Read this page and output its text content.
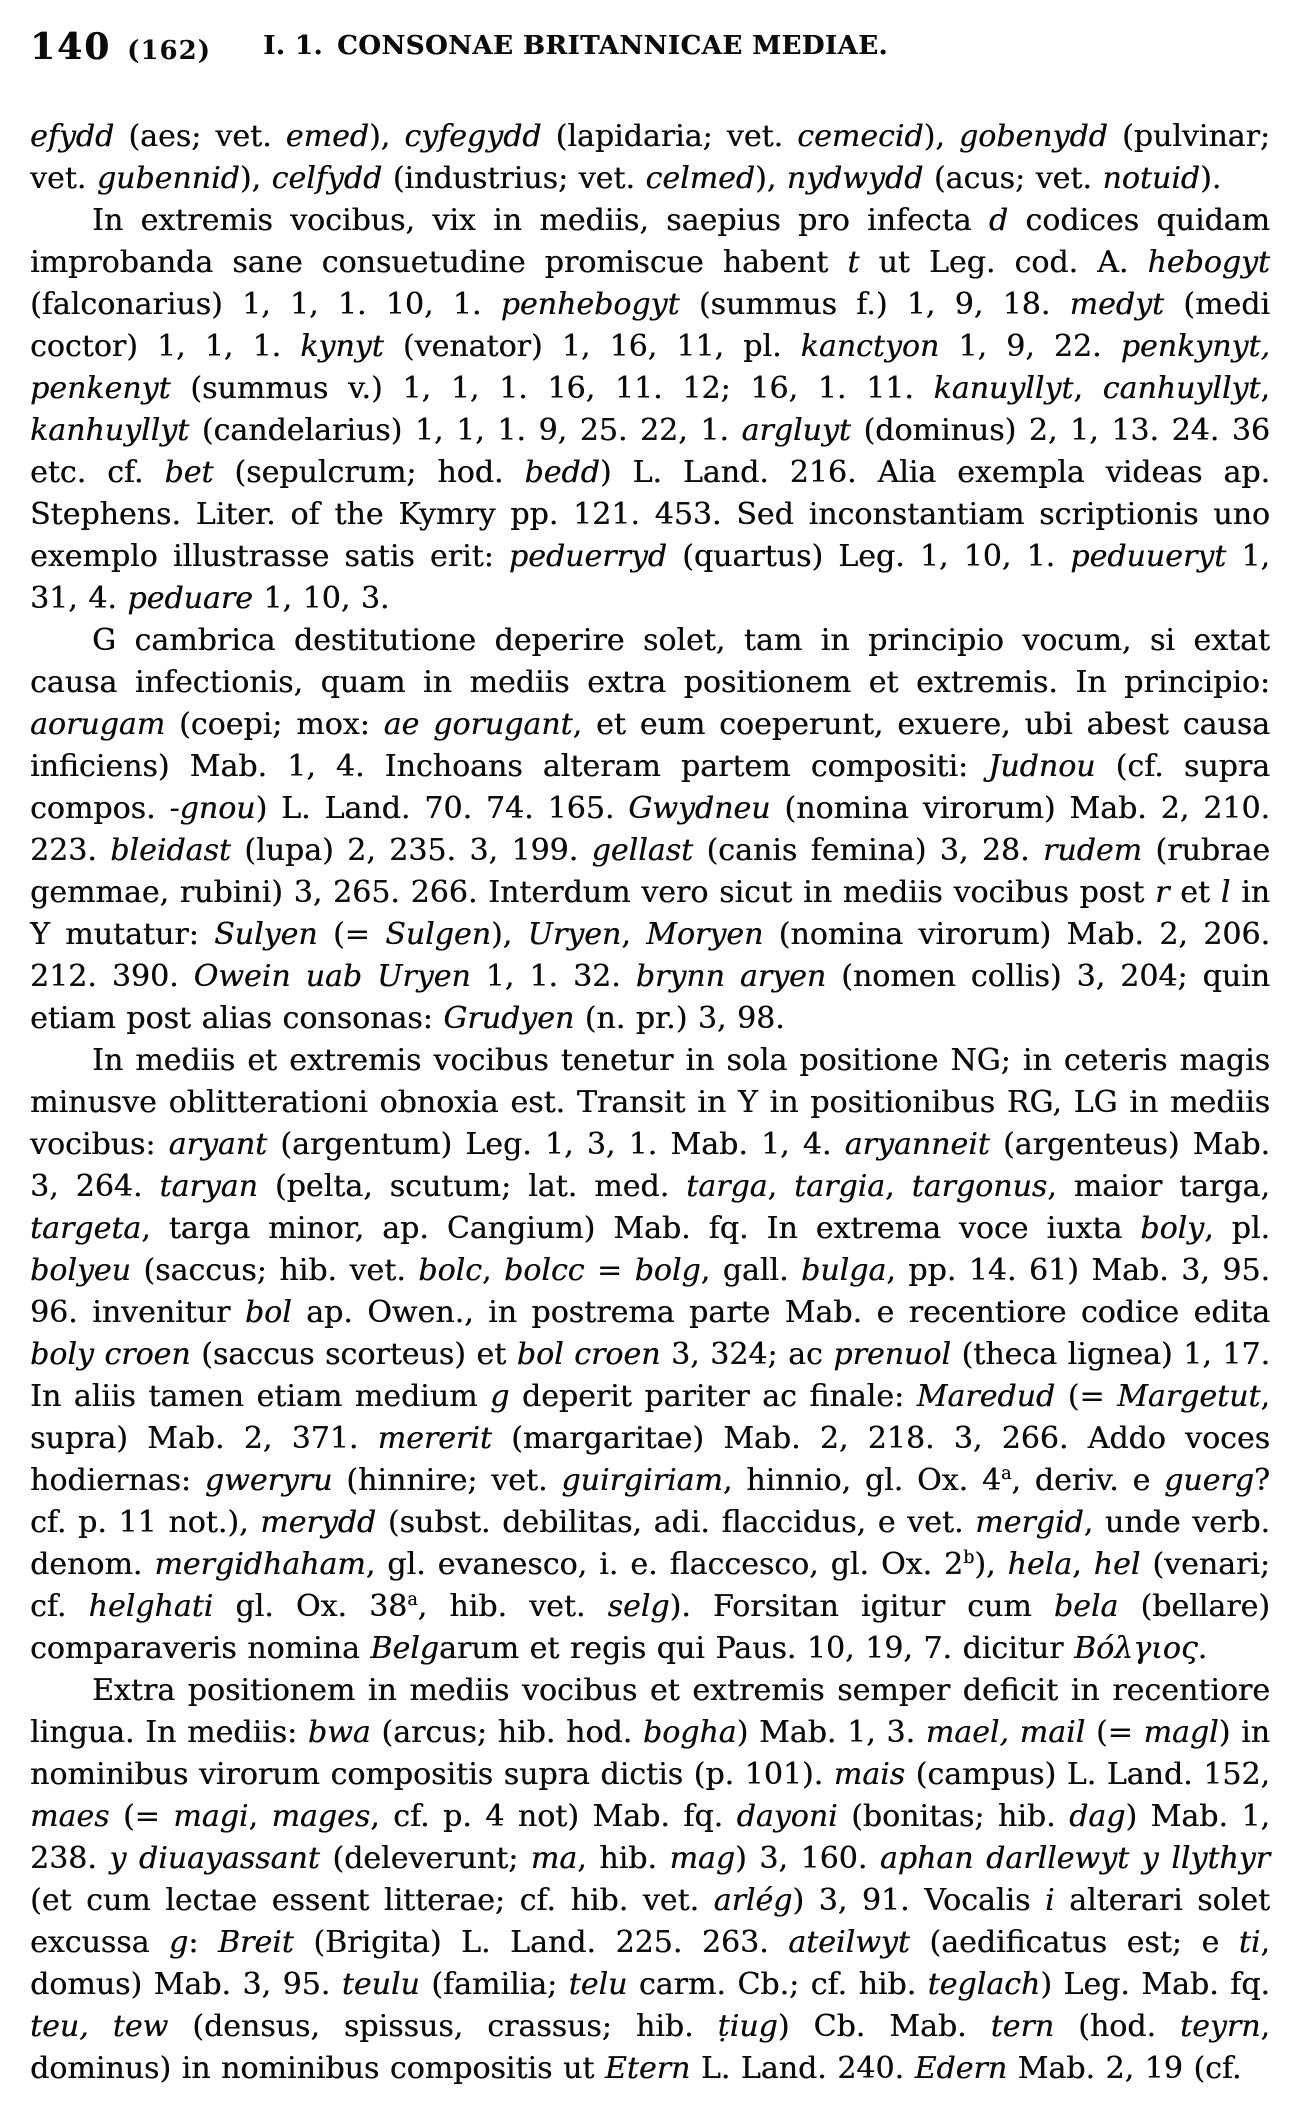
140 (162)	I. 1. CONSONAE BRITANNICAE MEDIAE.

efydd (aes; vet. emed), cyfegydd (lapidaria; vet. cemecid), gobenydd (pulvinar; vet. gubennid), celfydd (industrius; vet. celmed), nydwydd (acus; vet. notuid).

In extremis vocibus, vix in mediis, saepius pro infecta d codices quidam improbanda sane consuetudine promiscue habent t ut Leg. cod. A. hebogyt (falconarius) 1, 1, 1. 10, 1. penhebogyt (summus f.) 1, 9, 18. medyt (medi coctor) 1, 1, 1. kynyt (venator) 1, 16, 11, pl. kanctyon 1, 9, 22. penkynyt, penkenyt (summus v.) 1, 1, 1. 16, 11. 12; 16, 1. 11. kanuyllyt, canhuyllyt, kanhuyllyt (candelarius) 1, 1, 1. 9, 25. 22, 1. argluyt (dominus) 2, 1, 13. 24. 36 etc. cf. bet (sepulcrum; hod. bedd) L. Land. 216. Alia exempla videas ap. Stephens. Liter. of the Kymry pp. 121. 453. Sed inconstantiam scriptionis uno exemplo illustrasse satis erit: peduerryd (quartus) Leg. 1, 10, 1. peduueryt 1, 31, 4. peduare 1, 10, 3.

G cambrica destitutione deperire solet, tam in principio vocum, si extat causa infectionis, quam in mediis extra positionem et extremis. In principio: aorugam (coepi; mox: ae gorugant, et eum coeperunt, exuere, ubi abest causa inficiens) Mab. 1, 4. Inchoans alteram partem compositi: Judnou (cf. supra compos. -gnou) L. Land. 70. 74. 165. Gwydneu (nomina virorum) Mab. 2, 210. 223. bleidast (lupa) 2, 235. 3, 199. gellast (canis femina) 3, 28. rudem (rubrae gemmae, rubini) 3, 265. 266. Interdum vero sicut in mediis vocibus post r et l in Y mutatur: Sulyen (= Sulgen), Uryen, Moryen (nomina virorum) Mab. 2, 206. 212. 390. Owein uab Uryen 1, 1. 32. brynn aryen (nomen collis) 3, 204; quin etiam post alias consonas: Grudyen (n. pr.) 3, 98.

In mediis et extremis vocibus tenetur in sola positione NG; in ceteris magis minusve oblitterationi obnoxia est. Transit in Y in positionibus RG, LG in mediis vocibus: aryant (argentum) Leg. 1, 3, 1. Mab. 1, 4. aryanneit (argenteus) Mab. 3, 264. taryan (pelta, scutum; lat. med. targa, targia, targonus, maior targa, targeta, targa minor, ap. Cangium) Mab. fq. In extrema voce iuxta boly, pl. bolyeu (saccus; hib. vet. bolc, bolcc = bolg, gall. bulga, pp. 14. 61) Mab. 3, 95. 96. invenitur bol ap. Owen., in postrema parte Mab. e recentiore codice edita boly croen (saccus scorteus) et bol croen 3, 324; ac prenuol (theca lignea) 1, 17. In aliis tamen etiam medium g deperit pariter ac finale: Maredud (= Margetut, supra) Mab. 2, 371. mererit (margaritae) Mab. 2, 218. 3, 266. Addo voces hodiernas: gweryru (hinnire; vet. guirgiriam, hinnio, gl. Ox. 4$^a$, deriv. e guerg? cf. p. 11 not.), merydd (subst. debilitas, adi. flaccidus, e vet. mergid, unde verb. denom. mergidhaham, gl. evanesco, i. e. flaccesco, gl. Ox. 2$^b$), hela, hel (venari; cf. helghati gl. Ox. 38$^a$, hib. vet. selg). Forsitan igitur cum bela (bellare) comparaveris nomina Belgarum et regis qui Paus. 10, 19, 7. dicitur Βόλγιος.

Extra positionem in mediis vocibus et extremis semper deficit in recentiore lingua. In mediis: bwa (arcus; hib. hod. bogha) Mab. 1, 3. mael, mail (= magl) in nominibus virorum compositis supra dictis (p. 101). mais (campus) L. Land. 152, maes (= magi, mages, cf. p. 4 not) Mab. fq. dayoni (bonitas; hib. dag) Mab. 1, 238. y diuayassant (deleverunt; ma, hib. mag) 3, 160. aphan darllewyt y llythyr (et cum lectae essent litterae; cf. hib. vet. arlég) 3, 91. Vocalis i alterari solet excussa g: Breit (Brigita) L. Land. 225. 263. ateilwyt (aedificatus est; e ti, domus) Mab. 3, 95. teulu (familia; telu carm. Cb.; cf. hib. teglach) Leg. Mab. fq. teu, tew (densus, spissus, crassus; hib. ṭiug) Cb. Mab. tern (hod. teyrn, dominus) in nominibus compositis ut Etern L. Land. 240. Edern Mab. 2, 19 (cf.
